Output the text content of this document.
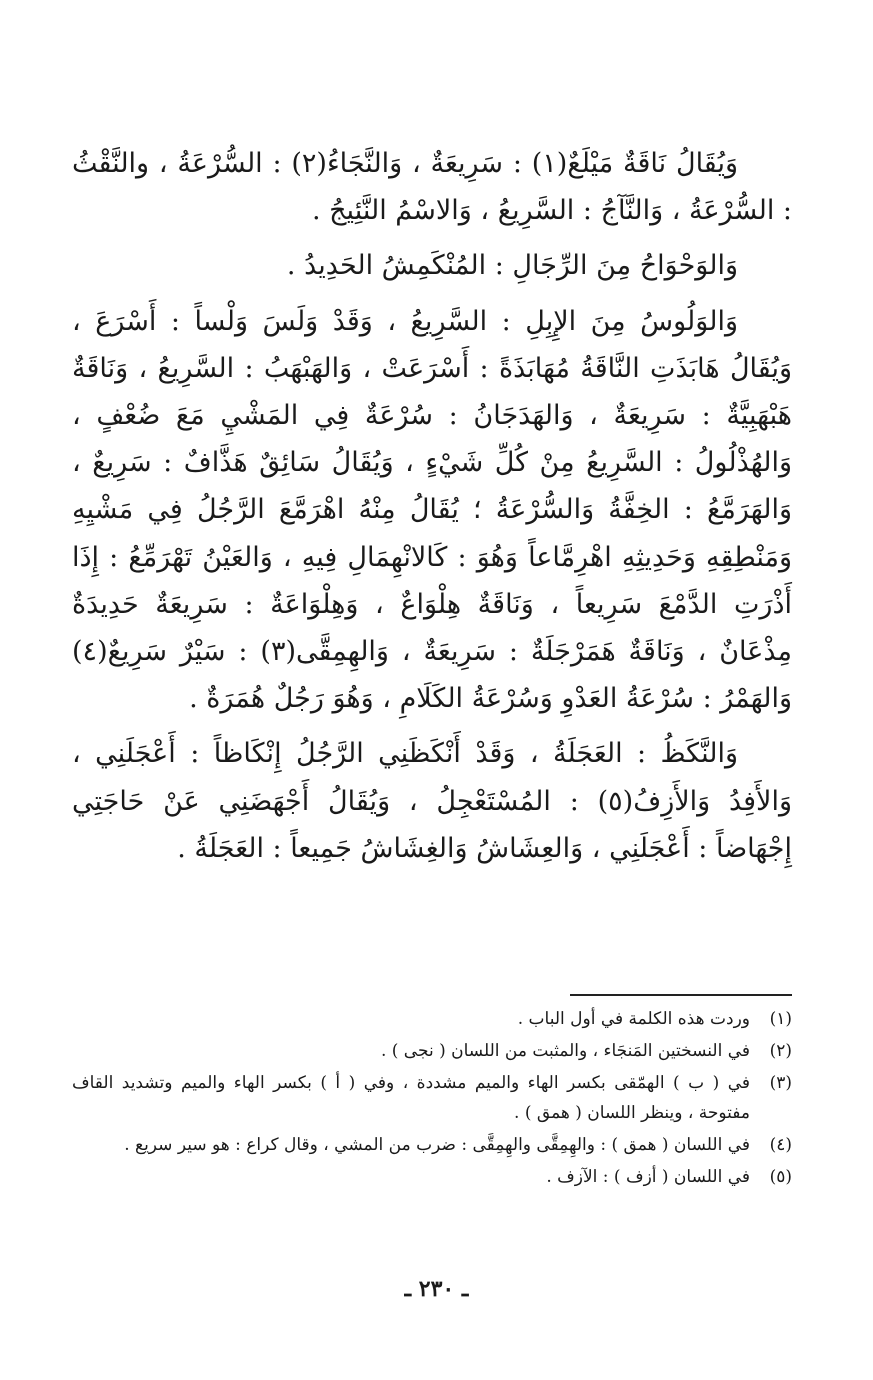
وَيُقَالُ نَاقَةٌ مَيْلَعٌ(١) : سَرِيعَةٌ ، وَالنَّجَاءُ(٢) : السُّرْعَةُ ، والنَّقْثُ : السُّرْعَةُ ، وَالنَّآجُ : السَّرِيعُ ، وَالاسْمُ النَّئِيجُ .

وَالوَحْوَاحُ مِنَ الرِّجَالِ : المُنْكَمِشُ الحَدِيدُ .

وَالوَلُوسُ مِنَ الإِبِلِ : السَّرِيعُ ، وَقَدْ وَلَسَ وَلْساً : أَسْرَعَ ، وَيُقَالُ هَابَذَتِ النَّاقَةُ مُهَابَذَةً : أَسْرَعَتْ ، وَالهَبْهَبُ : السَّرِيعُ ، وَنَاقَةٌ هَبْهَبِيَّةٌ : سَرِيعَةٌ ، وَالهَدَجَانُ : سُرْعَةٌ فِي المَشْيِ مَعَ ضُعْفٍ ، وَالهُذْلُولُ : السَّرِيعُ مِنْ كُلِّ شَيْءٍ ، وَيُقَالُ سَائِقٌ هَذَّافٌ : سَرِيعٌ ، وَالهَرَمَّعُ : الخِفَّةُ وَالسُّرْعَةُ ؛ يُقَالُ مِنْهُ اهْرَمَّعَ الرَّجُلُ فِي مَشْيِهِ وَمَنْطِقِهِ وَحَدِيثِهِ اهْرِمَّاعاً وَهُوَ : كَالانْهِمَالِ فِيهِ ، وَالعَيْنُ تَهْرَمِّعُ : إِذَا أَذْرَتِ الدَّمْعَ سَرِيعاً ، وَنَاقَةٌ هِلْوَاعٌ ، وَهِلْوَاعَةٌ : سَرِيعَةٌ حَدِيدَةٌ مِذْعَانٌ ، وَنَاقَةٌ هَمَرْجَلَةٌ : سَرِيعَةٌ ، وَالهِمِقَّى(٣) : سَيْرٌ سَرِيعٌ(٤) وَالهَمْرُ : سُرْعَةُ العَدْوِ وَسُرْعَةُ الكَلَامِ ، وَهُوَ رَجُلٌ هُمَرَةٌ .

وَالنَّكَظُ : العَجَلَةُ ، وَقَدْ أَنْكَظَنِي الرَّجُلُ إِنْكَاظاً : أَعْجَلَنِي ، وَالأَفِدُ وَالأَزِفُ(٥) : المُسْتَعْجِلُ ، وَيُقَالُ أَجْهَضَنِي عَنْ حَاجَتِي إِجْهَاضاً : أَعْجَلَنِي ، وَالعِشَاشُ وَالغِشَاشُ جَمِيعاً : العَجَلَةُ .

(١)
وردت هذه الكلمة في أول الباب .
(٢)
في النسختين المَنجَاء ، والمثبت من اللسان ( نجى ) .
(٣)
في ( ب ) الهمّقى بكسر الهاء والميم مشددة ، وفي ( أ ) بكسر الهاء والميم وتشديد القاف مفتوحة ، وينظر اللسان ( همق ) .
(٤)
في اللسان ( همق ) : والهِمِقَّى والهِمِقَّى : ضرب من المشي ، وقال كراع : هو سير سريع .
(٥)
في اللسان ( أزف ) : الآزف .
ـ ٢٣٠ ـ
